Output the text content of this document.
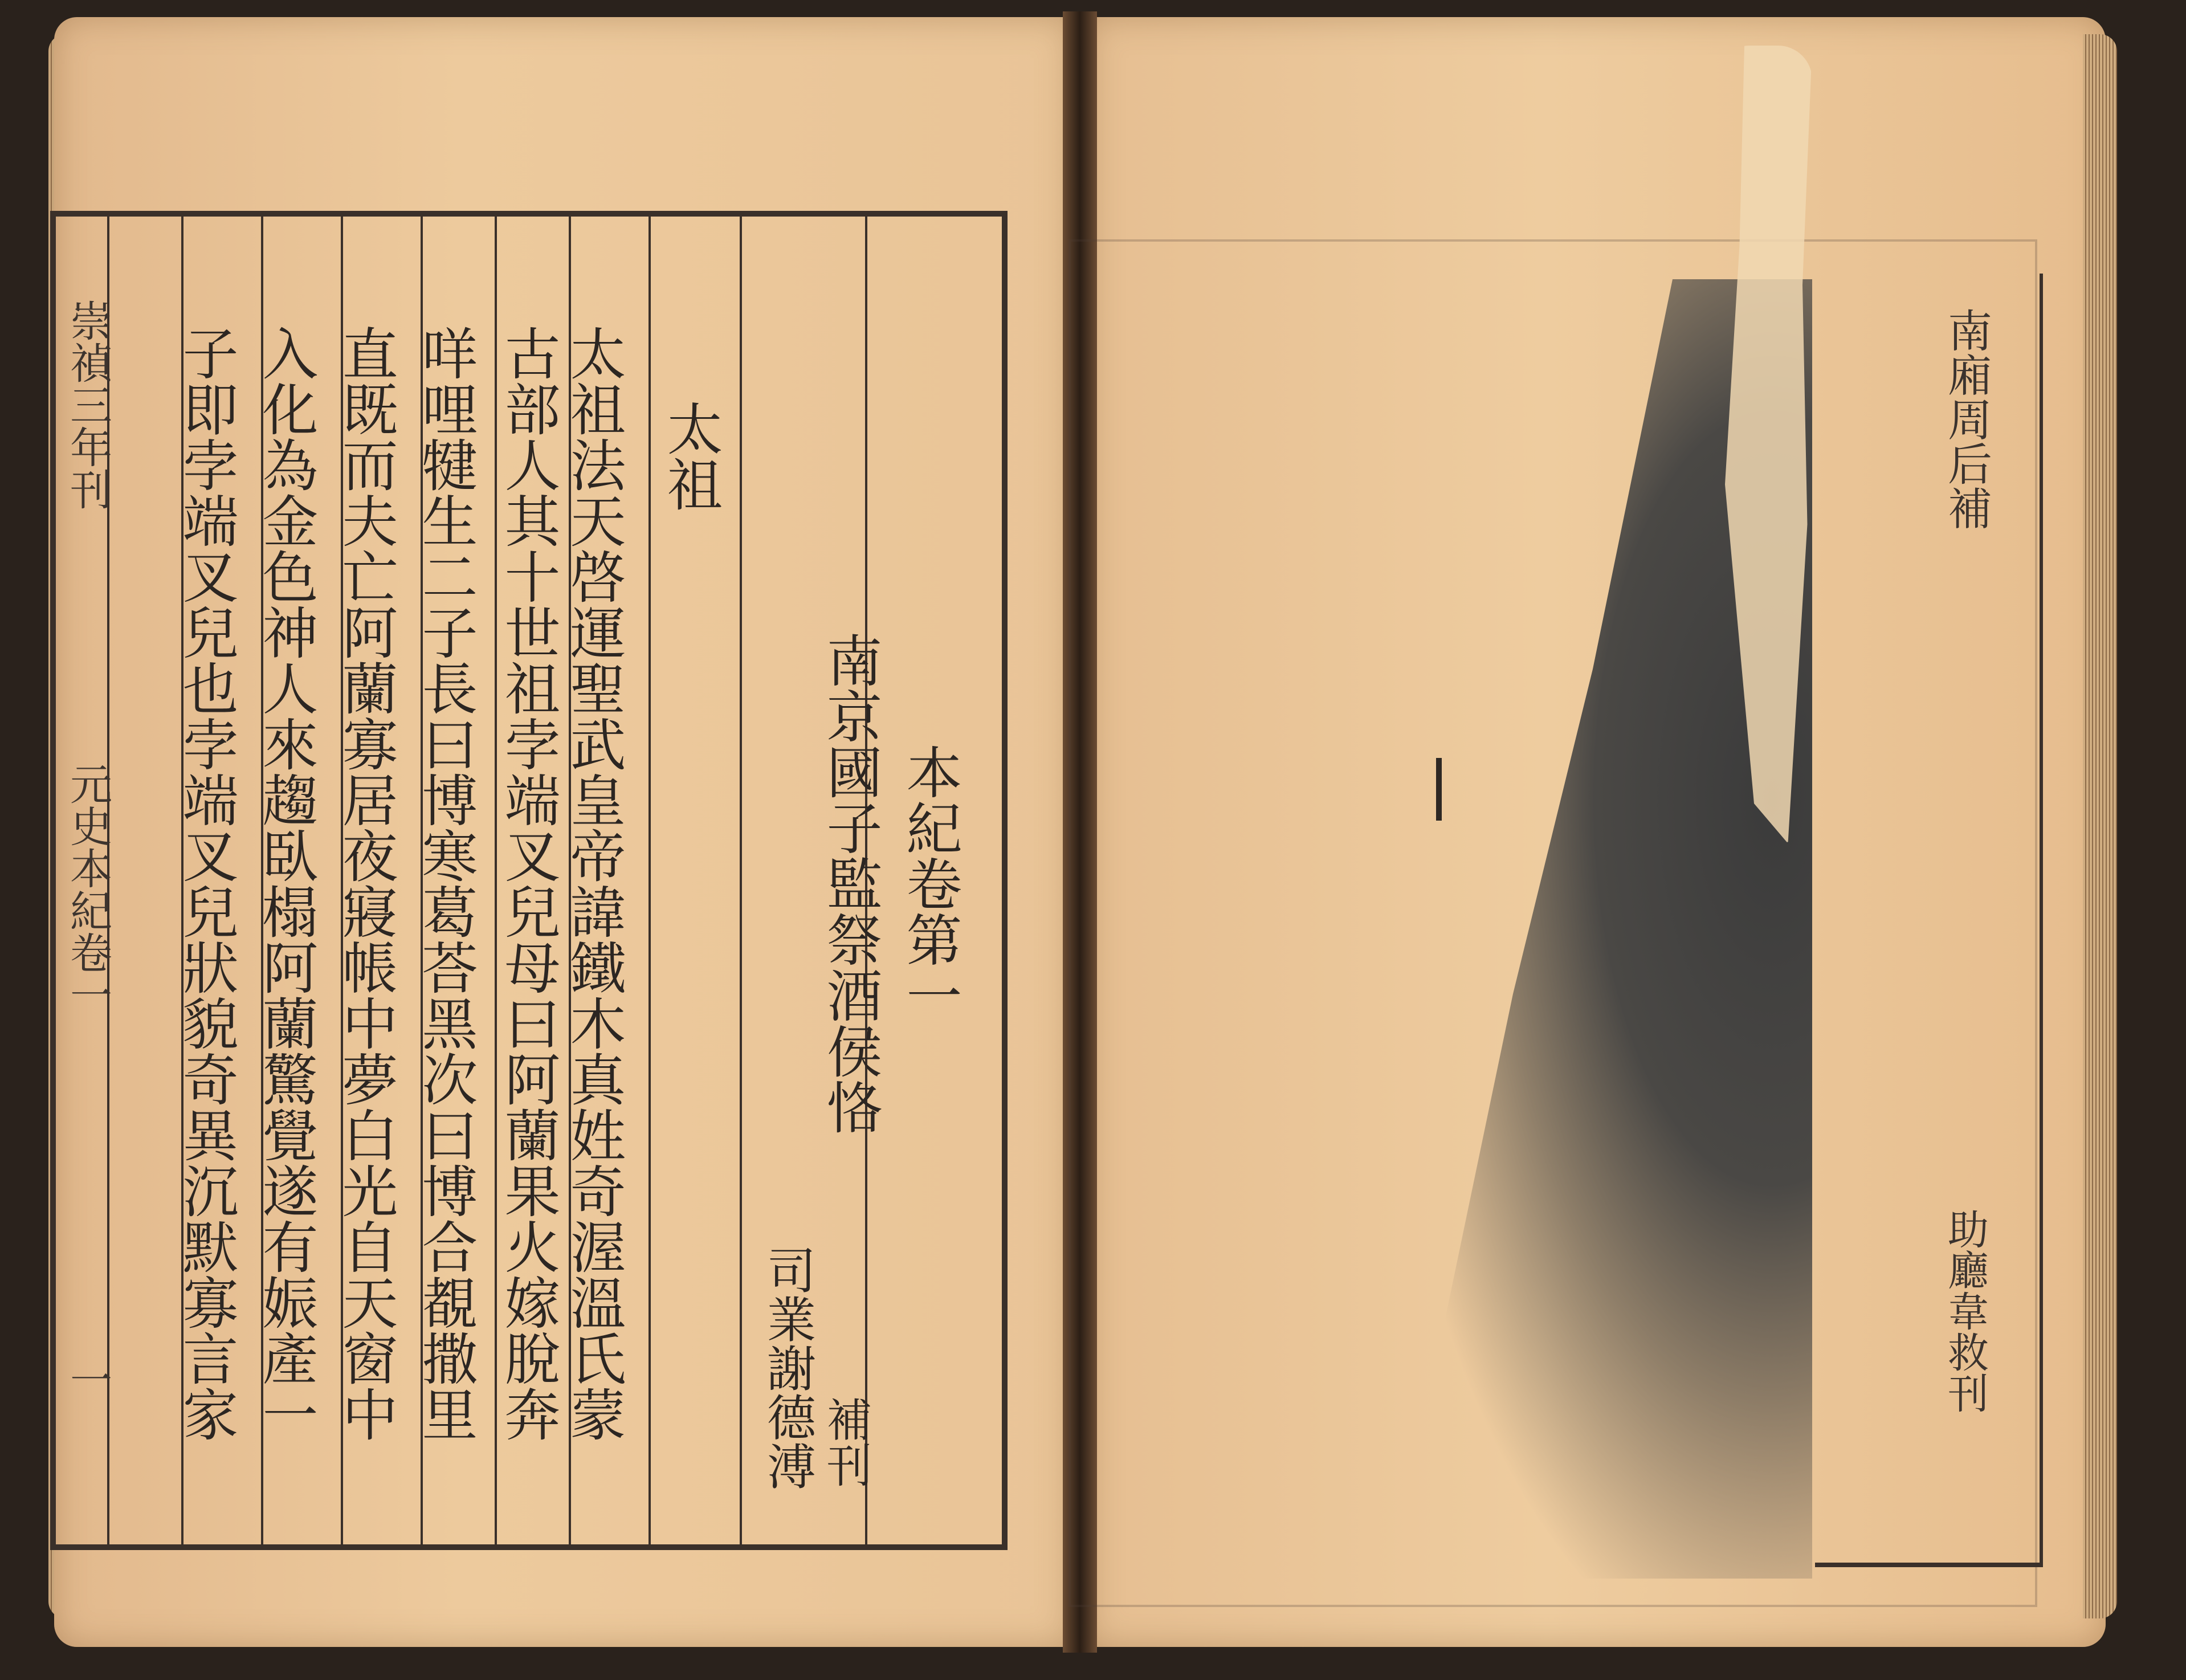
本紀卷第一
南京國子監祭酒侯恪
司業謝德溥 補刊
太祖
太祖法天啓運聖武皇帝諱鐵木真姓奇渥溫氏蒙
古部人其十世祖孛端叉兒母曰阿蘭果火嫁脫奔
咩哩犍生二子長曰博寒葛荅黑次曰博合覩撒里
直既而夫亡阿蘭寡居夜寢帳中夢白光自天窗中
入化為金色神人來趨臥榻阿蘭驚覺遂有娠產一
子即孛端叉兒也孛端叉兒狀貌奇異沉默寡言家
崇禎三年刊
元史本紀卷一
一
南廂周后補
助廳韋救刊
